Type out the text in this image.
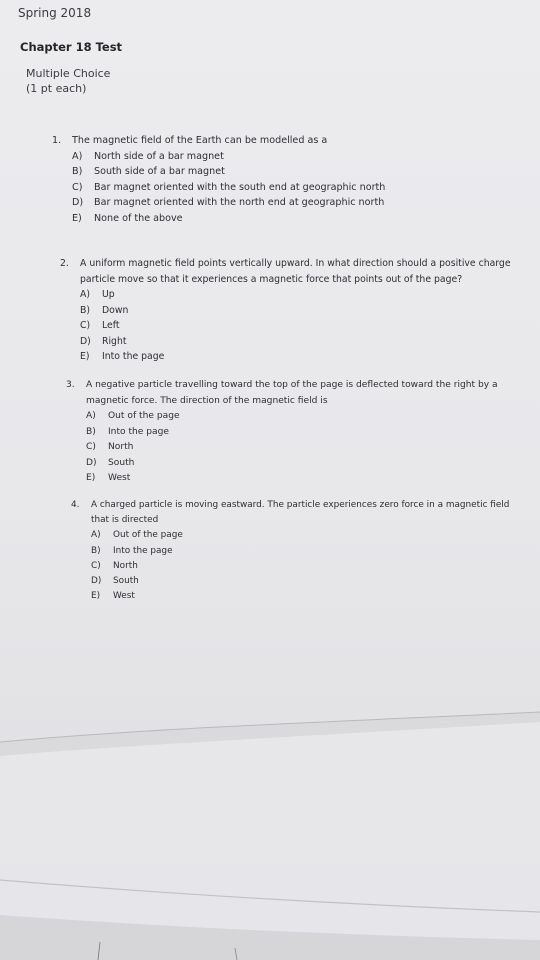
Spring 2018

Chapter 18 Test

Multiple Choice
(1 pt each)
1.	The magnetic field of the Earth can be modelled as a
A)	North side of a bar magnet
B)	South side of a bar magnet
C)	Bar magnet oriented with the south end at geographic north
D)	Bar magnet oriented with the north end at geographic north
E)	None of the above
2.	A uniform magnetic field points vertically upward. In what direction should a positive charge particle move so that it experiences a magnetic force that points out of the page?
A)	Up
B)	Down
C)	Left
D)	Right
E)	Into the page
3.	A negative particle travelling toward the top of the page is deflected toward the right by a magnetic force. The direction of the magnetic field is
A)	Out of the page
B)	Into the page
C)	North
D)	South
E)	West
4.	A charged particle is moving eastward. The particle experiences zero force in a magnetic field that is directed
A)	Out of the page
B)	Into the page
C)	North
D)	South
E)	West
